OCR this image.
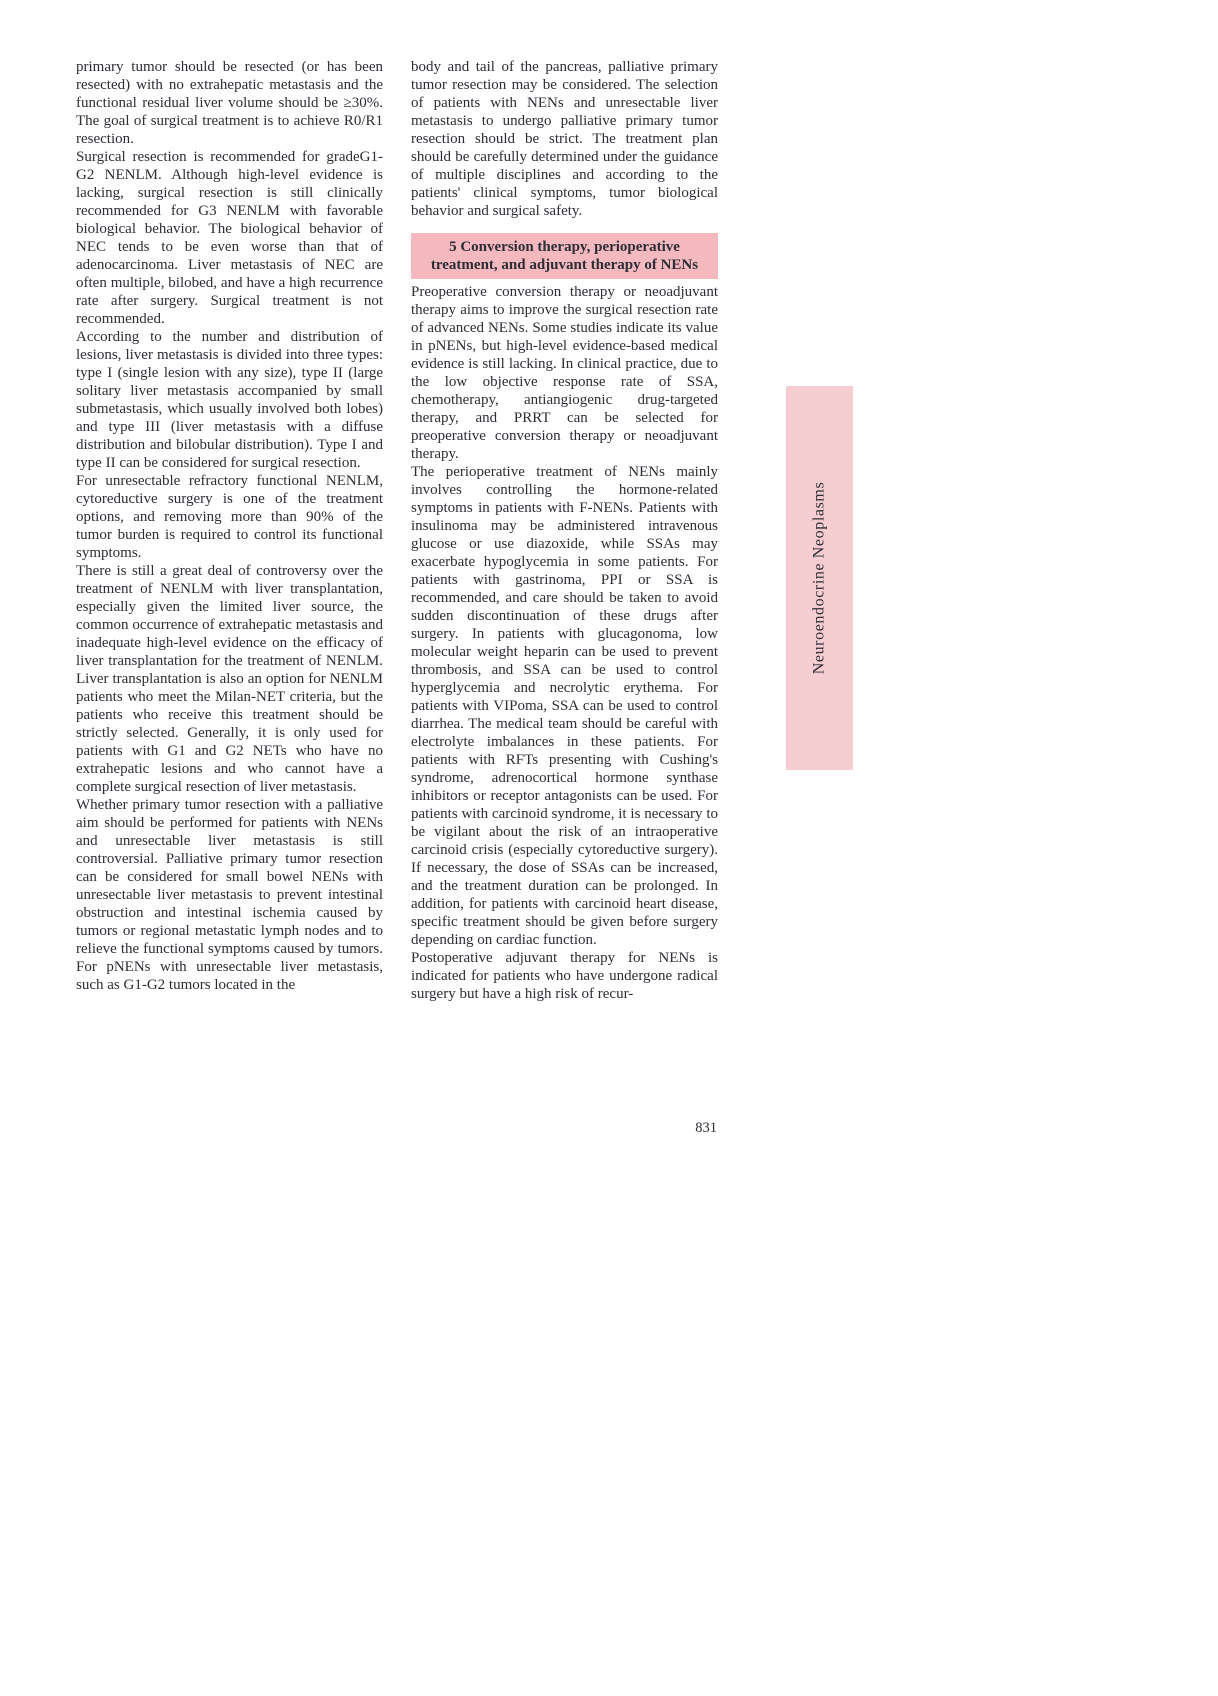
primary tumor should be resected (or has been resected) with no extrahepatic metastasis and the functional residual liver volume should be ≥30%. The goal of surgical treatment is to achieve R0/R1 resection.

Surgical resection is recommended for gradeG1-G2 NENLM. Although high-level evidence is lacking, surgical resection is still clinically recommended for G3 NENLM with favorable biological behavior. The biological behavior of NEC tends to be even worse than that of adenocarcinoma. Liver metastasis of NEC are often multiple, bilobed, and have a high recurrence rate after surgery. Surgical treatment is not recommended.

According to the number and distribution of lesions, liver metastasis is divided into three types: type I (single lesion with any size), type II (large solitary liver metastasis accompanied by small submetastasis, which usually involved both lobes) and type III (liver metastasis with a diffuse distribution and bilobular distribution). Type I and type II can be considered for surgical resection.

For unresectable refractory functional NENLM, cytoreductive surgery is one of the treatment options, and removing more than 90% of the tumor burden is required to control its functional symptoms.

There is still a great deal of controversy over the treatment of NENLM with liver transplantation, especially given the limited liver source, the common occurrence of extrahepatic metastasis and inadequate high-level evidence on the efficacy of liver transplantation for the treatment of NENLM. Liver transplantation is also an option for NENLM patients who meet the Milan-NET criteria, but the patients who receive this treatment should be strictly selected. Generally, it is only used for patients with G1 and G2 NETs who have no extrahepatic lesions and who cannot have a complete surgical resection of liver metastasis.

Whether primary tumor resection with a palliative aim should be performed for patients with NENs and unresectable liver metastasis is still controversial. Palliative primary tumor resection can be considered for small bowel NENs with unresectable liver metastasis to prevent intestinal obstruction and intestinal ischemia caused by tumors or regional metastatic lymph nodes and to relieve the functional symptoms caused by tumors. For pNENs with unresectable liver metastasis, such as G1-G2 tumors located in the

body and tail of the pancreas, palliative primary tumor resection may be considered. The selection of patients with NENs and unresectable liver metastasis to undergo palliative primary tumor resection should be strict. The treatment plan should be carefully determined under the guidance of multiple disciplines and according to the patients' clinical symptoms, tumor biological behavior and surgical safety.

5 Conversion therapy, perioperative treatment, and adjuvant therapy of NENs

Preoperative conversion therapy or neoadjuvant therapy aims to improve the surgical resection rate of advanced NENs. Some studies indicate its value in pNENs, but high-level evidence-based medical evidence is still lacking. In clinical practice, due to the low objective response rate of SSA, chemotherapy, antiangiogenic drug-targeted therapy, and PRRT can be selected for preoperative conversion therapy or neoadjuvant therapy.

The perioperative treatment of NENs mainly involves controlling the hormone-related symptoms in patients with F-NENs. Patients with insulinoma may be administered intravenous glucose or use diazoxide, while SSAs may exacerbate hypoglycemia in some patients. For patients with gastrinoma, PPI or SSA is recommended, and care should be taken to avoid sudden discontinuation of these drugs after surgery. In patients with glucagonoma, low molecular weight heparin can be used to prevent thrombosis, and SSA can be used to control hyperglycemia and necrolytic erythema. For patients with VIPoma, SSA can be used to control diarrhea. The medical team should be careful with electrolyte imbalances in these patients. For patients with RFTs presenting with Cushing's syndrome, adrenocortical hormone synthase inhibitors or receptor antagonists can be used. For patients with carcinoid syndrome, it is necessary to be vigilant about the risk of an intraoperative carcinoid crisis (especially cytoreductive surgery). If necessary, the dose of SSAs can be increased, and the treatment duration can be prolonged. In addition, for patients with carcinoid heart disease, specific treatment should be given before surgery depending on cardiac function.

Postoperative adjuvant therapy for NENs is indicated for patients who have undergone radical surgery but have a high risk of recur-

Neuroendocrine Neoplasms
831
